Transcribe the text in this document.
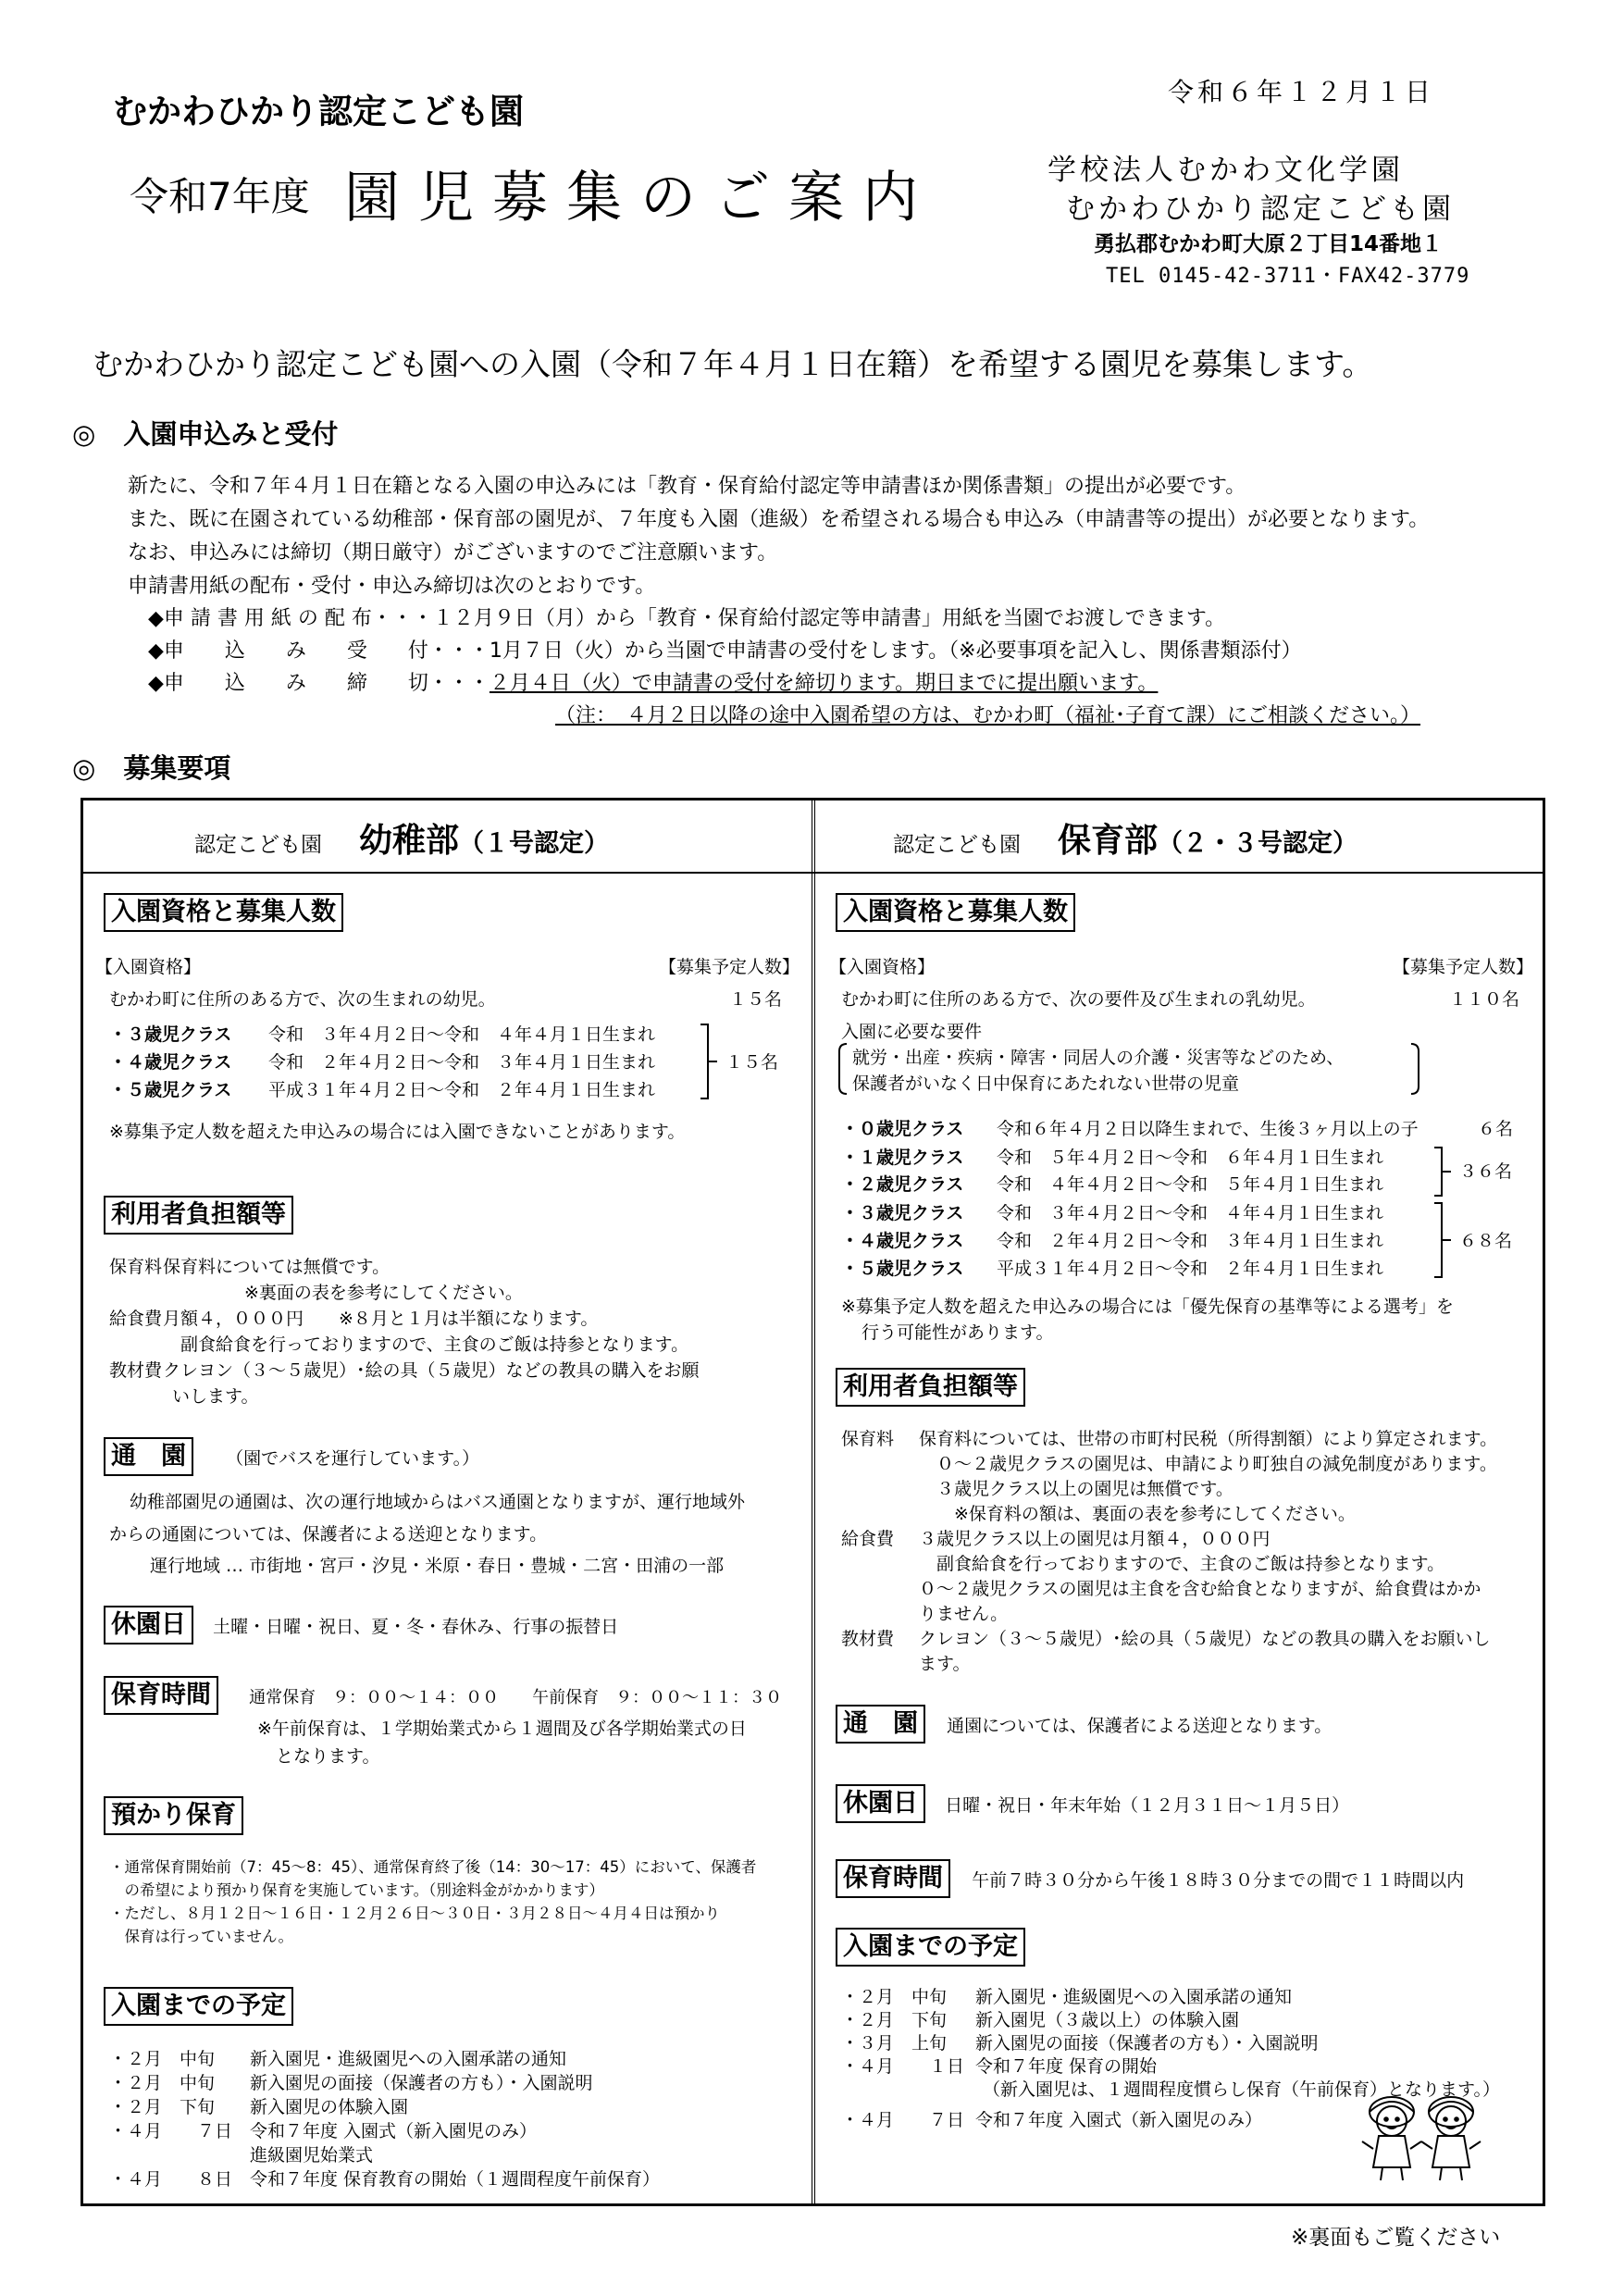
むかわひかり認定こども園	令和６年１２月１日
令和7年度 園児募集のご案内	学校法人むかわ文化学園
むかわひかり認定こども園
勇払郡むかわ町大原２丁目14番地１
TEL 0145-42-3711・FAX42-3779
むかわひかり認定こども園への入園（令和７年４月１日在籍）を希望する園児を募集します。
◎ 入園申込みと受付
新たに、令和７年４月１日在籍となる入園の申込みには「教育・保育給付認定等申請書ほか関係書類」の提出が必要です。
また、既に在園されている幼稚部・保育部の園児が、７年度も入園（進級）を希望される場合も申込み（申請書等の提出）が必要となります。
なお、申込みには締切（期日厳守）がございますのでご注意願います。
申請書用紙の配布・受付・申込み締切は次のとおりです。
◆申 請 書 用 紙 の 配 布・・・１２月９日（月）から「教育・保育給付認定等申請書」用紙を当園でお渡しできます。
◆申　　込　　み　　受　　付・・・1月７日（火）から当園で申請書の受付をします。（※必要事項を記入し、関係書類添付）
◆申　　込　　み　　締　　切・・・２月４日（火）で申請書の受付を締切ります。期日までに提出願います。
（注：　４月２日以降の途中入園希望の方は、むかわ町（福祉･子育て課）にご相談ください。）
◎ 募集要項
認定こども園 幼稚部（１号認定）	認定こども園 保育部（２・３号認定）
入園資格と募集人数
【入園資格】	【募集予定人数】
むかわ町に住所のある方で、次の生まれの幼児。	１５名
・３歳児クラス 令和　３年４月２日～令和　４年４月１日生まれ
・４歳児クラス 令和　２年４月２日～令和　３年４月１日生まれ
・５歳児クラス 平成３１年４月２日～令和　２年４月１日生まれ
１５名
※募集予定人数を超えた申込みの場合には入園できないことがあります。
利用者負担額等
保育料保育料については無償です。
　　※裏面の表を参考にしてください。
給食費月額４，０００円　　※８月と１月は半額になります。
　副食給食を行っておりますので、主食のご飯は持参となります。
教材費クレヨン（３～５歳児）･絵の具（５歳児）などの教具の購入をお願
いします。
通　園 （園でバスを運行しています。）
幼稚部園児の通園は、次の運行地域からはバス通園となりますが、運行地域外
からの通園については、保護者による送迎となります。
運行地域 … 市街地・宮戸・汐見・米原・春日・豊城・二宮・田浦の一部
休園日 土曜・日曜・祝日、夏・冬・春休み、行事の振替日
保育時間 通常保育　９：００～１４：００　　午前保育　９：００～１１：３０
※午前保育は、１学期始業式から１週間及び各学期始業式の日
となります。
預かり保育
・通常保育開始前（7：45～8：45）、通常保育終了後（14：30～17：45）において、保護者
　の希望により預かり保育を実施しています。（別途料金がかかります）
・ただし、８月１２日～１６日・１２月２６日～３０日・３月２８日～４月４日は預かり
　保育は行っていません。
入園までの予定
・２月　中旬 新入園児・進級園児への入園承諾の通知
・２月　中旬 新入園児の面接（保護者の方も）・入園説明
・２月　下旬 新入園児の体験入園
・４月　　７日 令和７年度 入園式（新入園児のみ）
進級園児始業式
・４月　　８日 令和７年度 保育教育の開始（１週間程度午前保育）
入園資格と募集人数
【入園資格】	【募集予定人数】
むかわ町に住所のある方で、次の要件及び生まれの乳幼児。	１１０名
入園に必要な要件
就労・出産・疾病・障害・同居人の介護・災害等などのため、
保護者がいなく日中保育にあたれない世帯の児童
・０歳児クラス 令和６年４月２日以降生まれで、生後３ヶ月以上の子	６名
・１歳児クラス 令和　５年４月２日～令和　６年４月１日生まれ
・２歳児クラス 令和　４年４月２日～令和　５年４月１日生まれ
３６名
・３歳児クラス 令和　３年４月２日～令和　４年４月１日生まれ
・４歳児クラス 令和　２年４月２日～令和　３年４月１日生まれ
・５歳児クラス 平成３１年４月２日～令和　２年４月１日生まれ
６８名
※募集予定人数を超えた申込みの場合には「優先保育の基準等による選考」を
行う可能性があります。
利用者負担額等
保育料 保育料については、世帯の市町村民税（所得割額）により算定されます。
　０～２歳児クラスの園児は、申請により町独自の減免制度があります。
　３歳児クラス以上の園児は無償です。
　　※保育料の額は、裏面の表を参考にしてください。
給食費 ３歳児クラス以上の園児は月額４，０００円
　副食給食を行っておりますので、主食のご飯は持参となります。
０～２歳児クラスの園児は主食を含む給食となりますが、給食費はかか
りません。
教材費 クレヨン（３～５歳児）･絵の具（５歳児）などの教具の購入をお願いし
ます。
通　園 通園については、保護者による送迎となります。
休園日 日曜・祝日・年末年始（１２月３１日～１月５日）
保育時間 午前７時３０分から午後１８時３０分までの間で１１時間以内
入園までの予定
・２月　中旬 新入園児・進級園児への入園承諾の通知
・２月　下旬 新入園児（３歳以上）の体験入園
・３月　上旬 新入園児の面接（保護者の方も）・入園説明
・４月　　１日 令和７年度 保育の開始
（新入園児は、１週間程度慣らし保育（午前保育）となります。）
・４月　　７日 令和７年度 入園式（新入園児のみ）
※裏面もご覧ください
